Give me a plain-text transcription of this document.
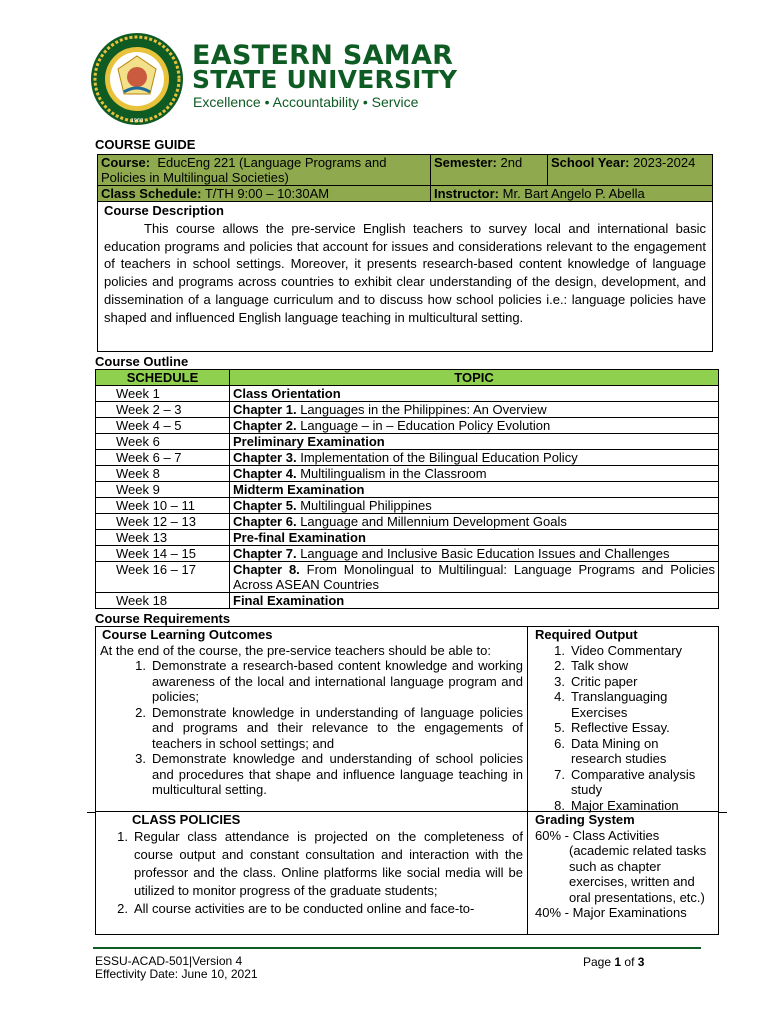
1960
EASTERN SAMAR
STATE UNIVERSITY
Excellence • Accountability • Service
COURSE GUIDE
Course: EducEng 221 (Language Programs and Policies in Multilingual Societies)	Semester: 2nd	School Year: 2023-2024
Class Schedule: T/TH 9:00 – 10:30AM	Instructor: Mr. Bart Angelo P. Abella	
Course Description
This course allows the pre-service English teachers to survey local and international basic education programs and policies that account for issues and considerations relevant to the engagement of teachers in school settings. Moreover, it presents research-based content knowledge of language policies and programs across countries to exhibit clear understanding of the design, development, and dissemination of a language curriculum and to discuss how school policies i.e.: language policies have shaped and influenced English language teaching in multicultural setting.
Course Outline
SCHEDULE	TOPIC
Week 1	Class Orientation
Week 2 – 3	Chapter 1. Languages in the Philippines: An Overview
Week 4 – 5	Chapter 2. Language – in – Education Policy Evolution
Week 6	Preliminary Examination
Week 6 – 7	Chapter 3. Implementation of the Bilingual Education Policy
Week 8	Chapter 4. Multilingualism in the Classroom
Week 9	Midterm Examination
Week 10 – 11	Chapter 5. Multilingual Philippines
Week 12 – 13	Chapter 6. Language and Millennium Development Goals
Week 13	Pre-final Examination
Week 14 – 15	Chapter 7. Language and Inclusive Basic Education Issues and Challenges
Week 16 – 17	Chapter 8. From Monolingual to Multilingual: Language Programs and Policies Across ASEAN Countries
Week 18	Final Examination
Course Requirements
Course Learning Outcomes
At the end of the course, the pre-service teachers should be able to:
1. Demonstrate a research-based content knowledge and working awareness of the local and international language program and policies;
2. Demonstrate knowledge in understanding of language policies and programs and their relevance to the engagements of teachers in school settings; and
3. Demonstrate knowledge and understanding of school policies and procedures that shape and influence language teaching in multicultural setting.
Required Output
1. Video Commentary
2. Talk show
3. Critic paper
4. Translanguaging Exercises
5. Reflective Essay.
6. Data Mining on research studies
7. Comparative analysis study
8. Major Examination
CLASS POLICIES
1. Regular class attendance is projected on the completeness of course output and constant consultation and interaction with the professor and the class. Online platforms like social media will be utilized to monitor progress of the graduate students;
2. All course activities are to be conducted online and face-to-
Grading System
60% - Class Activities
(academic related tasks such as chapter exercises, written and oral presentations, etc.)
40% - Major Examinations
ESSU-ACAD-501|Version 4
Effectivity Date: June 10, 2021
Page 1 of 3
